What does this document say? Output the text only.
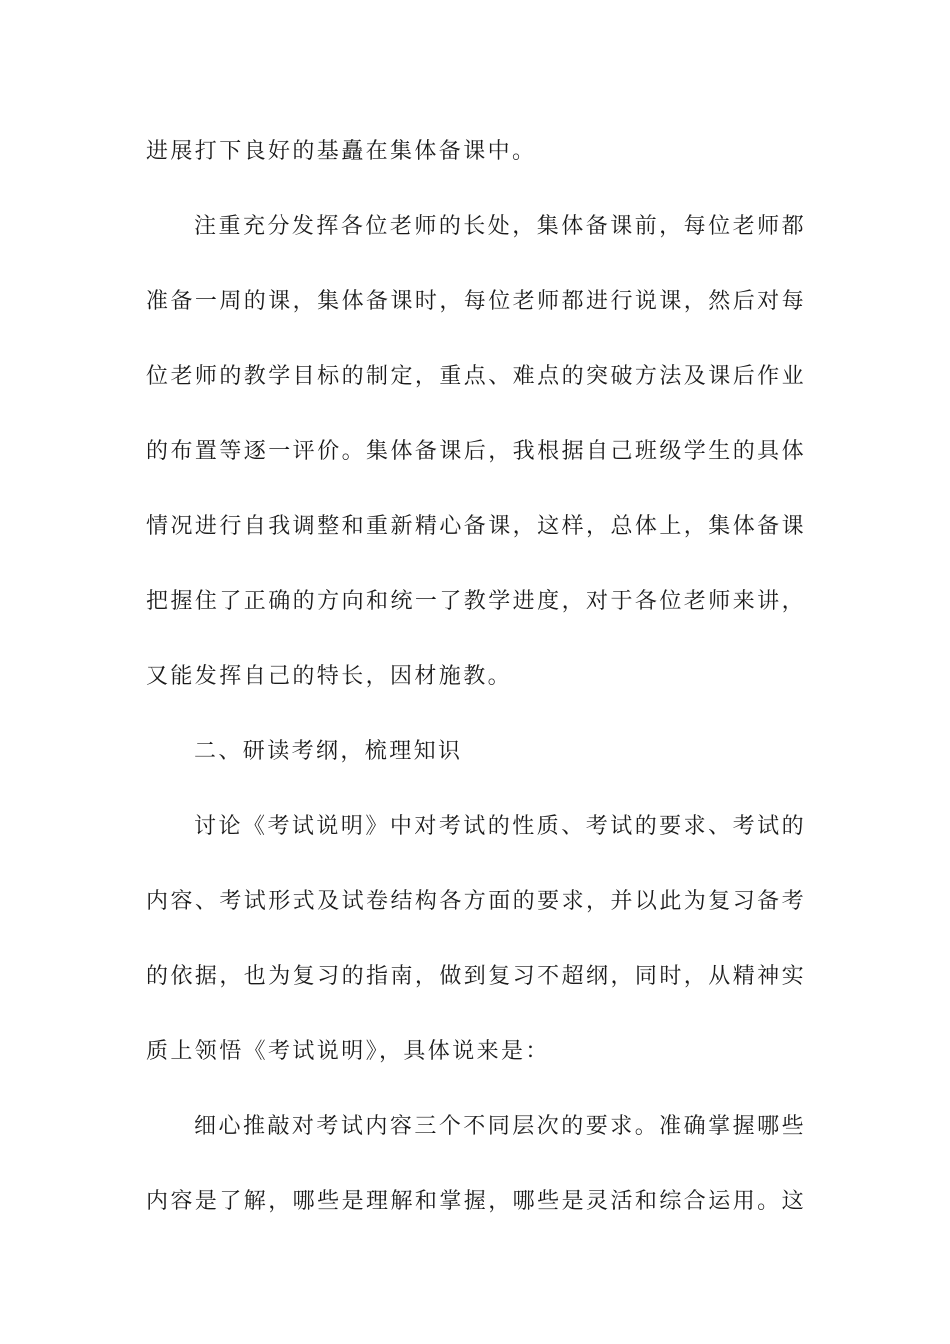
进展打下良好的基矗在集体备课中。
注重充分发挥各位老师的长处，集体备课前，每位老师都
准备一周的课，集体备课时，每位老师都进行说课，然后对每
位老师的教学目标的制定，重点、难点的突破方法及课后作业
的布置等逐一评价。集体备课后，我根据自己班级学生的具体
情况进行自我调整和重新精心备课，这样，总体上，集体备课
把握住了正确的方向和统一了教学进度，对于各位老师来讲，
又能发挥自己的特长，因材施教。
二、研读考纲，梳理知识
讨论《考试说明》中对考试的性质、考试的要求、考试的
内容、考试形式及试卷结构各方面的要求，并以此为复习备考
的依据，也为复习的指南，做到复习不超纲，同时，从精神实
质上领悟《考试说明》，具体说来是：
细心推敲对考试内容三个不同层次的要求。准确掌握哪些
内容是了解，哪些是理解和掌握，哪些是灵活和综合运用。这
